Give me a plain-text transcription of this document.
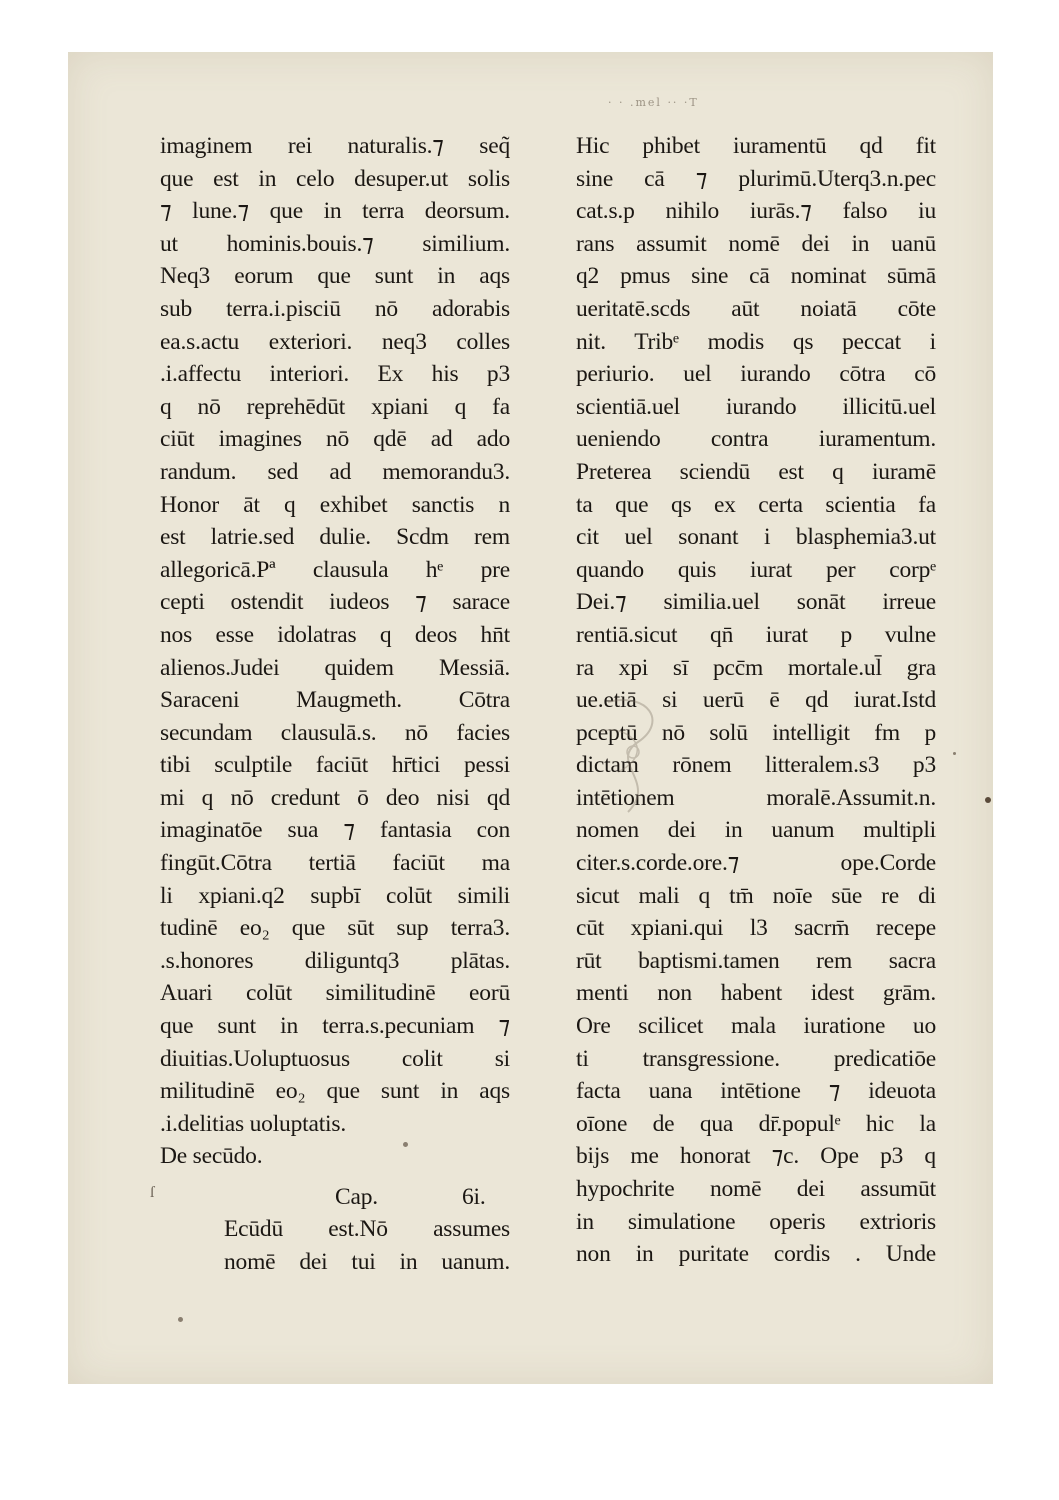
· · .mel ·· ·T
imaginem rei naturalis.⁊ seq̃
que est in celo desuper.ut solis
⁊ lune.⁊ que in terra deorsum.
ut hominis.bouis.⁊ similium.
Neq3 eorum que sunt in aqs
sub terra.i.pisciū nō adorabis
ea.s.actu exteriori. neq3 colles
.i.affectu interiori. Ex his p3
q nō reprehēdūt xpiani q fa
ciūt imagines nō qdē ad ado
randum. sed ad memorandu3.
Honor āt q exhibet sanctis n
est latrie.sed dulie. Scdm rem
allegoricā.Pª clausula hᵉ pre
cepti ostendit iudeos ⁊ sarace
nos esse idolatras q deos hn̄t
alienos.Judei quidem Messiā.
Saraceni Maugmeth. Cōtra
secundam clausulā.s. nō facies
tibi sculptile faciūt hr̄tici pessi
mi q nō credunt ō deo nisi qd
imaginatōe sua ⁊ fantasia con
fingūt.Cōtra tertiā faciūt ma
li xpiani.q2 supbī colūt simili
tudinē eo₂ que sūt sup terra3.
.s.honores diliguntq3 plātas.
Auari colūt similitudinē eorū
que sunt in terra.s.pecuniam ⁊
diuitias.Uoluptuosus colit si
militudinē eo₂ que sunt in aqs
.i.delitias uoluptatis.
De secūdo.
ſ	Cap.	6i.
Ecūdū est.Nō assumes
nomē dei tui in uanum.
Hic phibet iuramentū qd fit
sine cā ⁊ plurimū.Uterq3.n.pec
cat.s.p nihilo iurās.⁊ falso iu
rans assumit nomē dei in uanū
q2 pmus sine cā nominat sūmā
ueritatē.scds aūt noiatā cōte
nit. Tribᵉ modis qs peccat i
periurio. uel iurando cōtra cō
scientiā.uel iurando illicitū.uel
ueniendo contra iuramentum.
Preterea sciendū est q iuramē
ta que qs ex certa scientia fa
cit uel sonant i blasphemia3.ut
quando quis iurat per corpᵉ
Dei.⁊ similia.uel sonāt irreue
rentiā.sicut qn̄ iurat p vulne
ra xpi sī pcc̄m mortale.ul̄ gra
ue.etiā si uerū ē qd iurat.Istd
pceptū nō solū intelligit fm p
dictam rōnem litteralem.s3 p3
intētionem moralē.Assumit.n.
nomen dei in uanum multipli
citer.s.corde.ore.⁊ ope.Corde
sicut mali q tm̄ noīe sūe re di
cūt xpiani.qui l3 sacrm̄ recepe
rūt baptismi.tamen rem sacra
menti non habent idest grām.
Ore scilicet mala iuratione uo
ti transgressione. predicatiōe
facta uana intētione ⁊ ideuota
oīone de qua dr̄.populᵉ hic la
bijs me honorat ⁊c. Ope p3 q
hypochrite nomē dei assumūt
in simulatione operis extrioris
non in puritate cordis . Unde
